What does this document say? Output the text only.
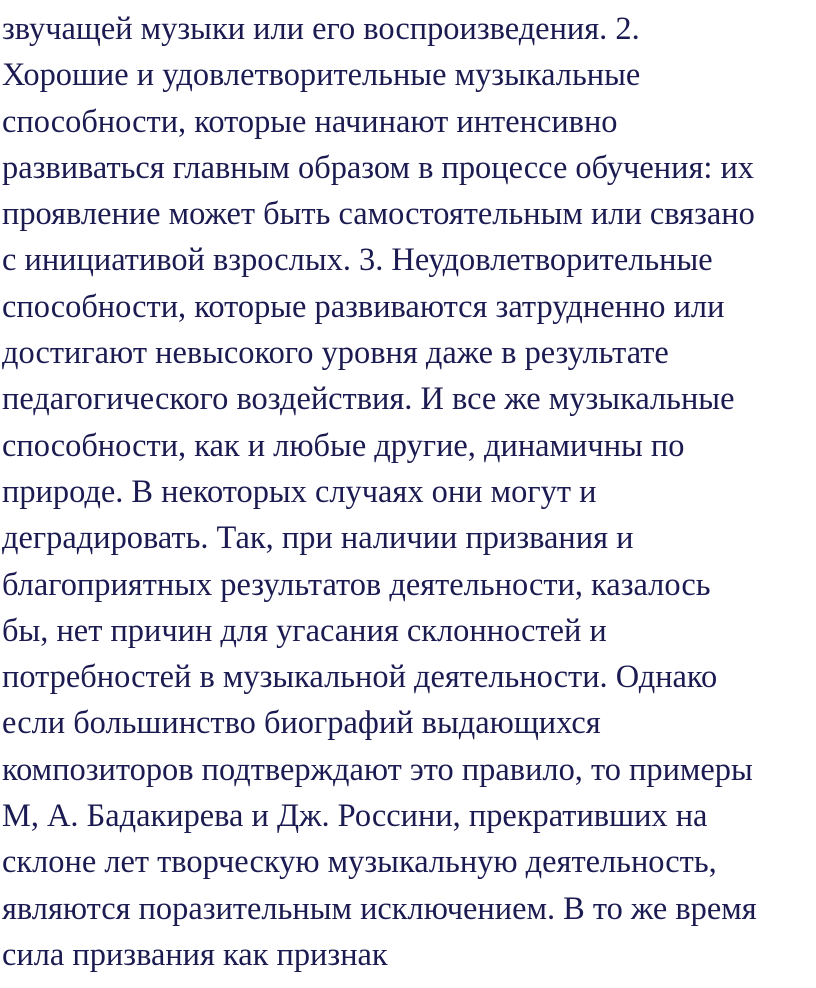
звучащей музыки или его воспроизведения. 2.
Хорошие и удовлетворительные музыкальные
способности, которые начинают интенсивно
развиваться главным образом в процессе обучения: их
проявление может быть самостоятельным или связано
с инициативой взрослых. 3. Неудовлетворительные
способности, которые развиваются затрудненно или
достигают невысокого уровня даже в результате
педагогического воздействия. И все же музыкальные
способности, как и любые другие, динамичны по
природе. В некоторых случаях они могут и
деградировать. Так, при наличии призвания и
благоприятных результатов деятельности, казалось
бы, нет причин для угасания склонностей и
потребностей в музыкальной деятельности. Однако
если большинство биографий выдающихся
композиторов подтверждают это правило, то примеры
М, А. Бадакирева и Дж. Россини, прекративших на
склоне лет творческую музыкальную деятельность,
являются поразительным исключением. В то же время
сила призвания как признак
